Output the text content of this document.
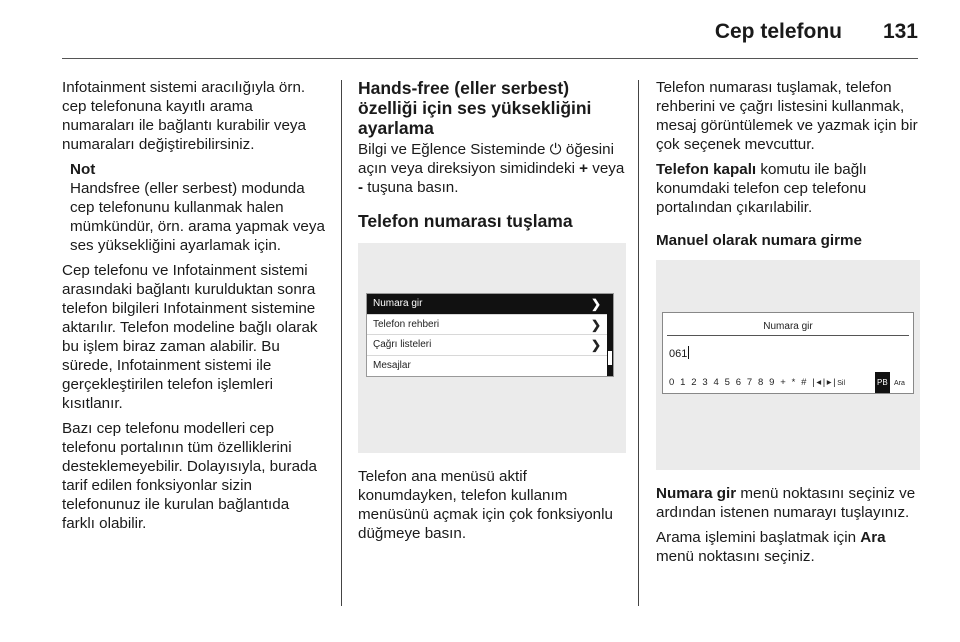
Cep telefonu 131

Infotainment sistemi aracılığıyla örn. cep telefonuna kayıtlı arama numaraları ile bağlantı kurabilir veya numaraları değiştirebilirsiniz.

Not

Handsfree (eller serbest) modunda cep telefonunu kullanmak halen mümkündür, örn. arama yapmak veya ses yüksekliğini ayarlamak için.

Cep telefonu ve Infotainment sistemi arasındaki bağlantı kurulduktan sonra telefon bilgileri Infotainment sistemine aktarılır. Telefon modeline bağlı olarak bu işlem biraz zaman alabilir. Bu sürede, Infotainment sistemi ile gerçekleştirilen telefon işlemleri kısıtlanır.

Bazı cep telefonu modelleri cep telefonu portalının tüm özelliklerini desteklemeyebilir. Dolayısıyla, burada tarif edilen fonksiyonlar sizin telefonunuz ile kurulan bağlantıda farklı olabilir.

Hands-free (eller serbest) özelliği için ses yüksekliğini ayarlama

Bilgi ve Eğlence Sisteminde ⏻ öğesini açın veya direksiyon simidindeki + veya - tuşuna basın.

Telefon numarası tuşlama
Numara gir	❯
Telefon rehberi	❯
Çağrı listeleri	❯
Mesajlar

Telefon ana menüsü aktif konumdayken, telefon kullanım menüsünü açmak için çok fonksiyonlu düğmeye basın.

Telefon numarası tuşlamak, telefon rehberini ve çağrı listesini kullanmak, mesaj görüntülemek ve yazmak için bir çok seçenek mevcuttur.

Telefon kapalı komutu ile bağlı konumdaki telefon cep telefonu portalından çıkarılabilir.

Manuel olarak numara girme
Numara gir
061
0 1 2 3 4 5 6 7 8 9 + * # |◂|▸|Sil	PB Ara

Numara gir menü noktasını seçiniz ve ardından istenen numarayı tuşlayınız.

Arama işlemini başlatmak için Ara menü noktasını seçiniz.
